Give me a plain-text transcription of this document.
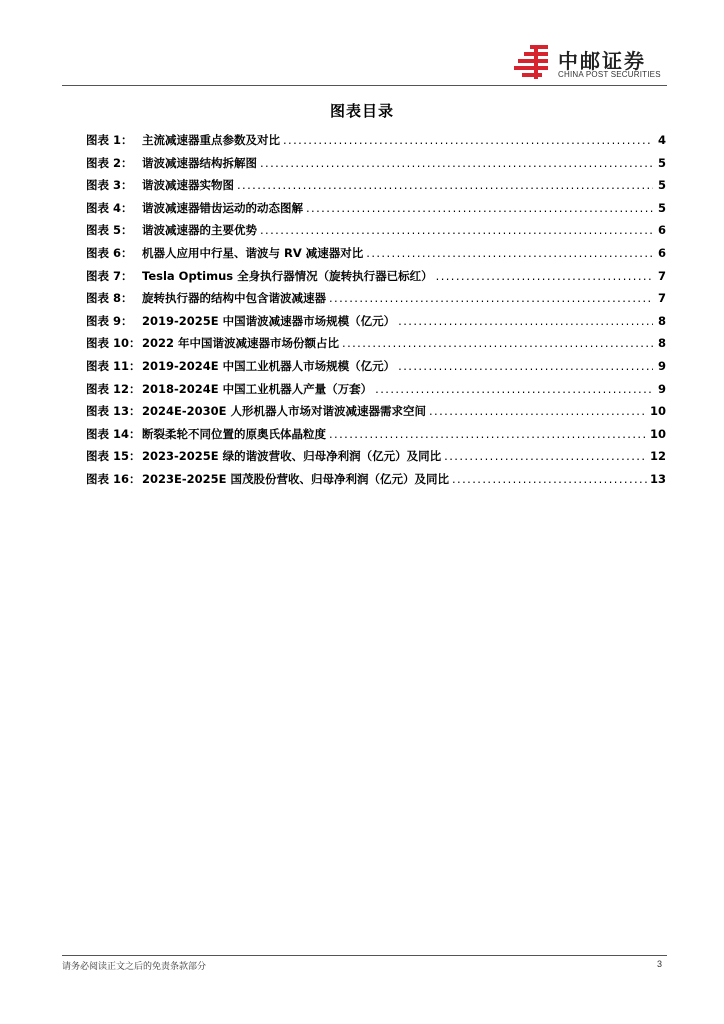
中邮证券
CHINA POST SECURITIES
图表目录
图表 1： 主流减速器重点参数及对比 .....	4
图表 2： 谐波减速器结构拆解图 .....	5
图表 3： 谐波减速器实物图 .....	5
图表 4： 谐波减速器错齿运动的动态图解 .....	5
图表 5： 谐波减速器的主要优势 .....	6
图表 6： 机器人应用中行星、谐波与 RV 减速器对比 .....	6
图表 7： Tesla Optimus 全身执行器情况（旋转执行器已标红） .....	7
图表 8： 旋转执行器的结构中包含谐波减速器 .....	7
图表 9： 2019-2025E 中国谐波减速器市场规模（亿元） .....	8
图表 10： 2022 年中国谐波减速器市场份额占比 .....	8
图表 11： 2019-2024E 中国工业机器人市场规模（亿元） .....	9
图表 12： 2018-2024E 中国工业机器人产量（万套） .....	9
图表 13： 2024E-2030E 人形机器人市场对谐波减速器需求空间 .....	10
图表 14： 断裂柔轮不同位置的原奥氏体晶粒度 .....	10
图表 15： 2023-2025E 绿的谐波营收、归母净利润（亿元）及同比 .....	12
图表 16： 2023E-2025E 国茂股份营收、归母净利润（亿元）及同比 .....	13
请务必阅读正文之后的免责条款部分	3
